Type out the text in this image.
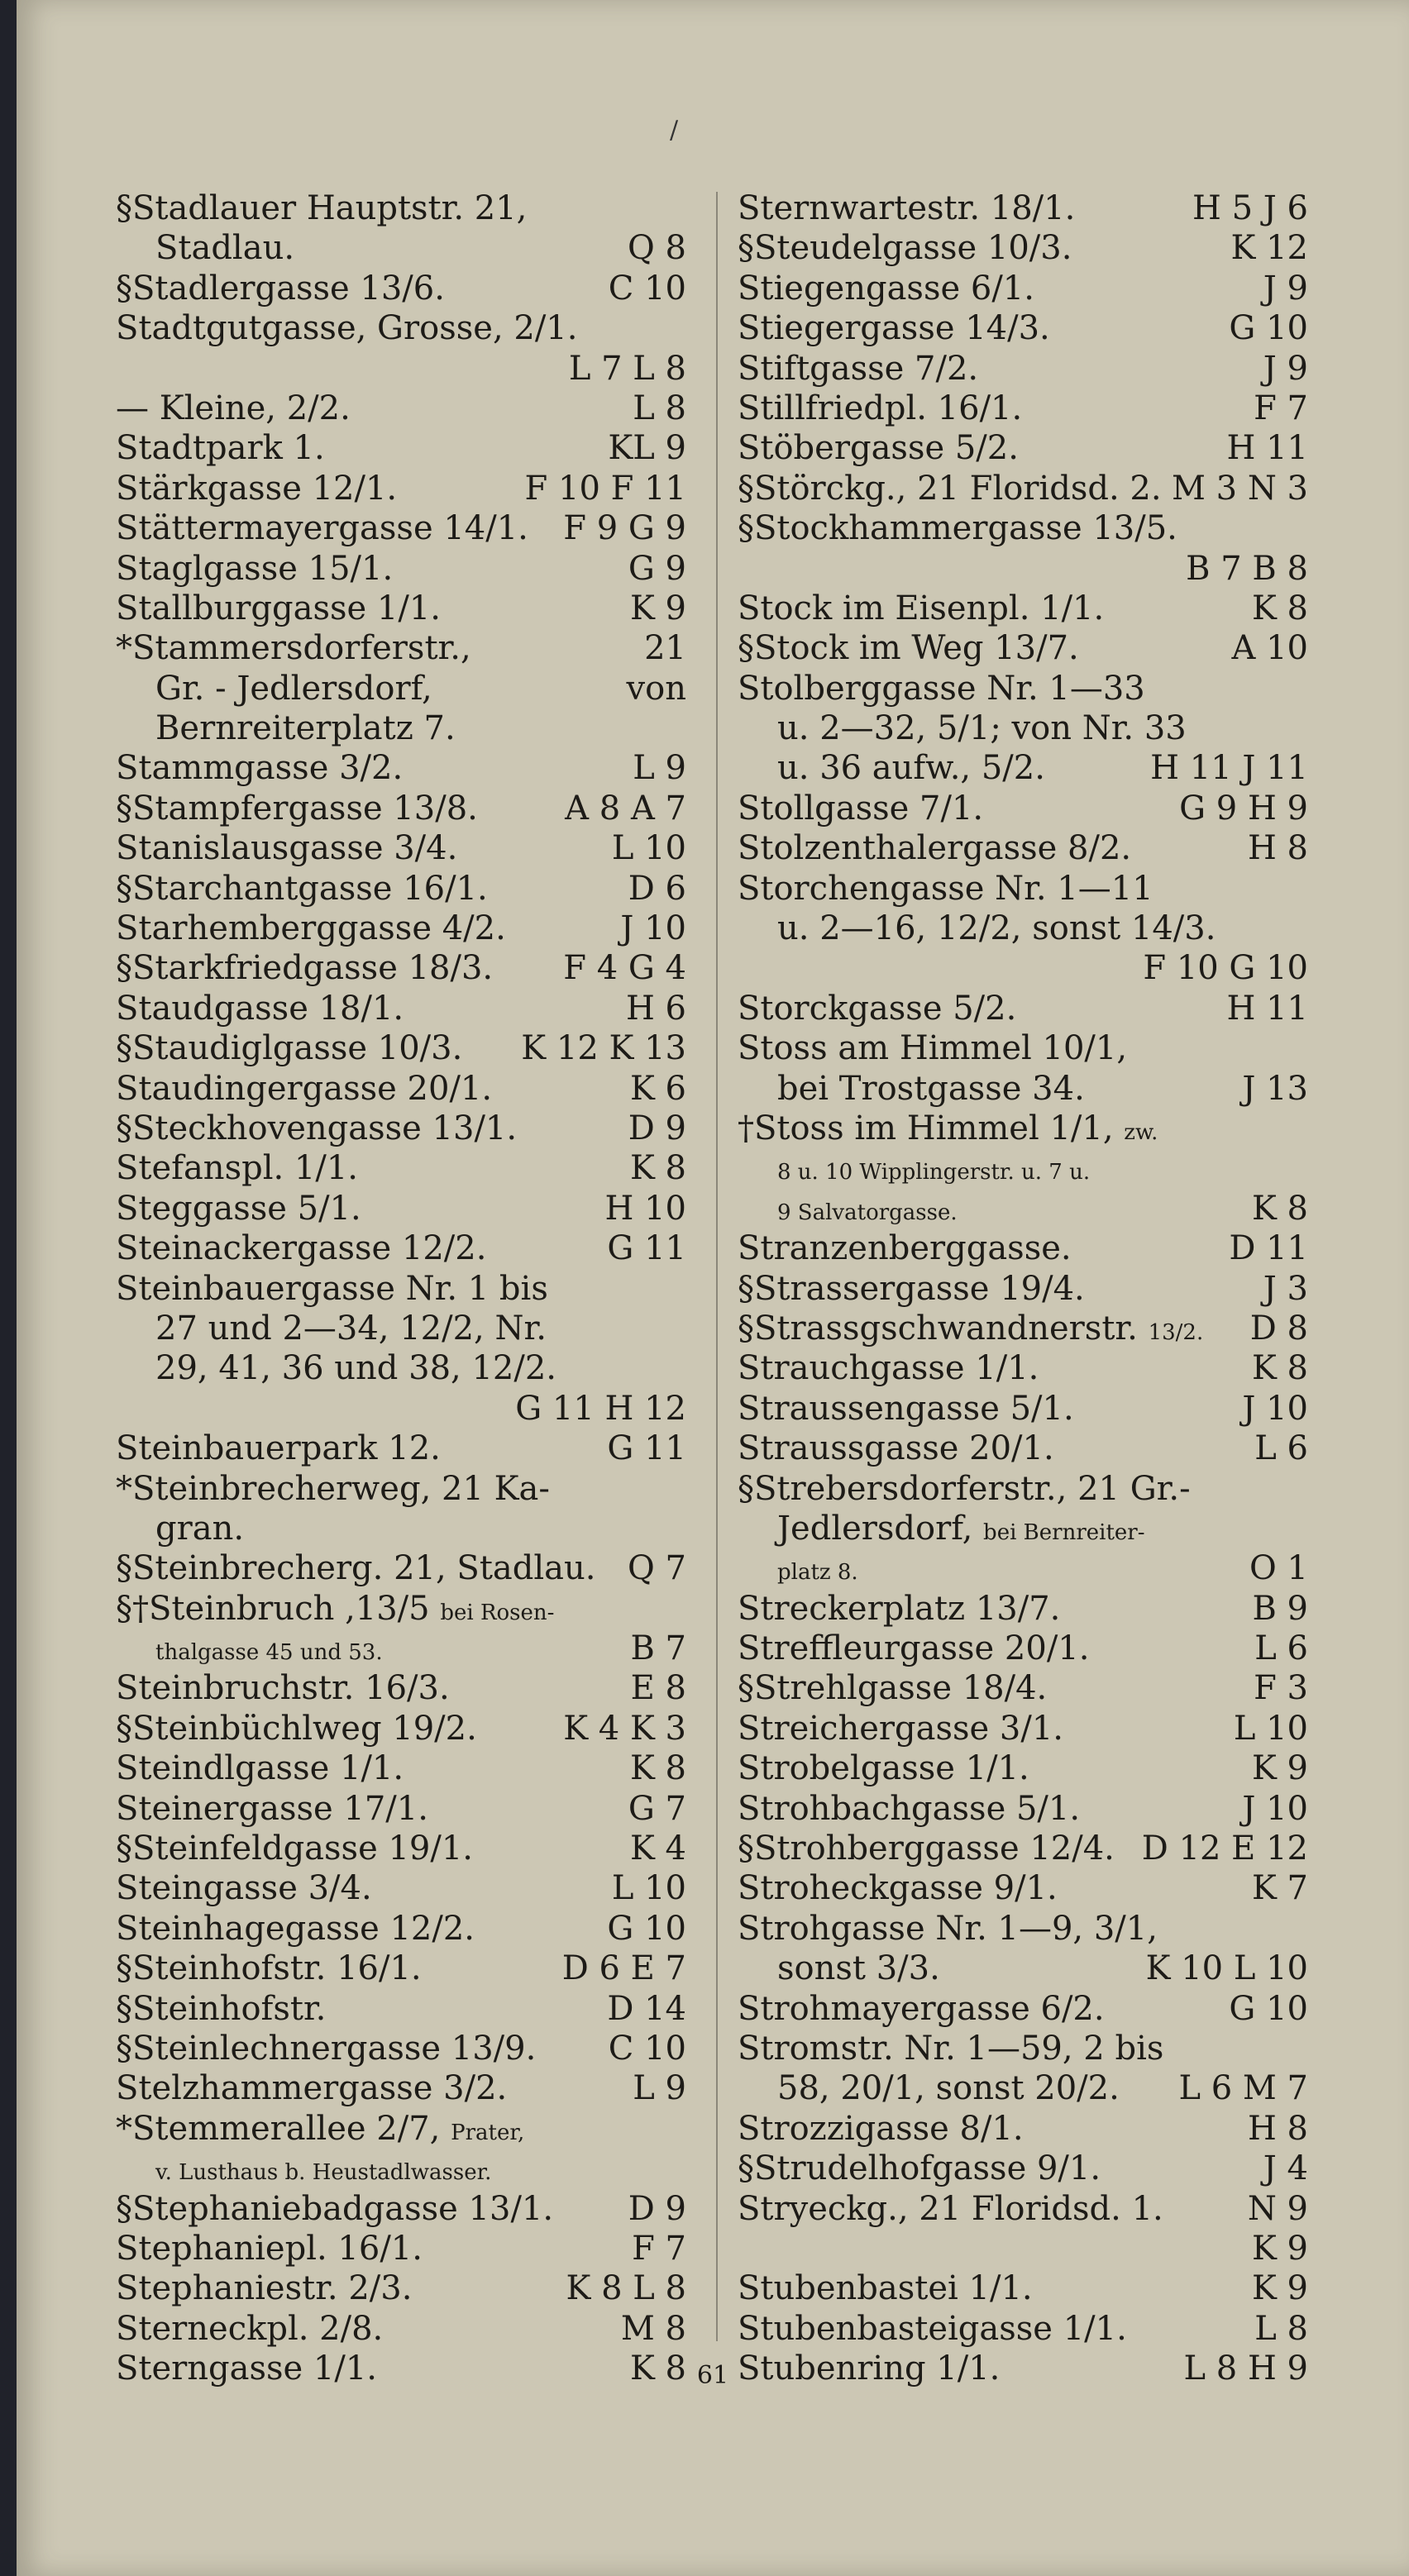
/
§Stadlauer Hauptstr. 21,
Stadlau.	Q 8
§Stadlergasse 13/6.	C 10
Stadtgutgasse, Grosse, 2/1.
L 7 L 8
— Kleine, 2/2.	L 8
Stadtpark 1.	KL 9
Stärkgasse 12/1.	F 10 F 11
Stättermayergasse 14/1. F 9 G 9
Staglgasse 15/1.	G 9
Stallburggasse 1/1.	K 9
*Stammersdorferstr.,	21
Gr. - Jedlersdorf,	von
Bernreiterplatz 7.
Stammgasse 3/2.	L 9
§Stampfergasse 13/8.	A 8 A 7
Stanislausgasse 3/4.	L 10
§Starchantgasse 16/1.	D 6
Starhemberggasse 4/2.	J 10
§Starkfriedgasse 18/3. F 4 G 4
Staudgasse 18/1.	H 6
§Staudiglgasse 10/3. K 12 K 13
Staudingergasse 20/1.	K 6
§Steckhovengasse 13/1.	D 9
Stefanspl. 1/1.	K 8
Steggasse 5/1.	H 10
Steinackergasse 12/2.	G 11
Steinbauergasse Nr. 1 bis
27 und 2—34, 12/2, Nr.
29, 41, 36 und 38, 12/2.
G 11 H 12
Steinbauerpark 12.	G 11
*Steinbrecherweg, 21 Ka-
gran.
§Steinbrecherg. 21, Stadlau. Q 7
§†Steinbruch ,13/5 bei Rosen-
thalgasse 45 und 53.	B 7
Steinbruchstr. 16/3.	E 8
§Steinbüchlweg 19/2.	K 4 K 3
Steindlgasse 1/1.	K 8
Steinergasse 17/1.	G 7
§Steinfeldgasse 19/1.	K 4
Steingasse 3/4.	L 10
Steinhagegasse 12/2.	G 10
§Steinhofstr. 16/1.	D 6 E 7
§Steinhofstr.	D 14
§Steinlechnergasse 13/9. C 10
Stelzhammergasse 3/2.	L 9
*Stemmerallee 2/7, Prater,
v. Lusthaus b. Heustadlwasser.
§Stephaniebadgasse 13/1. D 9
Stephaniepl. 16/1.	F 7
Stephaniestr. 2/3.	K 8 L 8
Sterneckpl. 2/8.	M 8
Sterngasse 1/1.	K 8
Sternwartestr. 18/1.	H 5 J 6
§Steudelgasse 10/3.	K 12
Stiegengasse 6/1.	J 9
Stiegergasse 14/3.	G 10
Stiftgasse 7/2.	J 9
Stillfriedpl. 16/1.	F 7
Stöbergasse 5/2.	H 11
§Störckg., 21 Floridsd. 2. M 3 N 3
§Stockhammergasse 13/5.
B 7 B 8
Stock im Eisenpl. 1/1.	K 8
§Stock im Weg 13/7.	A 10
Stolberggasse Nr. 1—33
u. 2—32, 5/1; von Nr. 33
u. 36 aufw., 5/2.	H 11 J 11
Stollgasse 7/1.	G 9 H 9
Stolzenthalergasse 8/2.	H 8
Storchengasse Nr. 1—11
u. 2—16, 12/2, sonst 14/3.
F 10 G 10
Storckgasse 5/2.	H 11
Stoss am Himmel 10/1,
bei Trostgasse 34.	J 13
†Stoss im Himmel 1/1, zw.
8 u. 10 Wipplingerstr. u. 7 u.
9 Salvatorgasse.	K 8
Stranzenberggasse.	D 11
§Strassergasse 19/4.	J 3
§Strassgschwandnerstr. 13/2. D 8
Strauchgasse 1/1.	K 8
Straussengasse 5/1.	J 10
Straussgasse 20/1.	L 6
§Strebersdorferstr., 21 Gr.-
Jedlersdorf, bei Bernreiter-
platz 8.	O 1
Streckerplatz 13/7.	B 9
Streffleurgasse 20/1.	L 6
§Strehlgasse 18/4.	F 3
Streichergasse 3/1.	L 10
Strobelgasse 1/1.	K 9
Strohbachgasse 5/1.	J 10
§Strohberggasse 12/4. D 12 E 12
Stroheckgasse 9/1.	K 7
Strohgasse Nr. 1—9, 3/1,
sonst 3/3.	K 10 L 10
Strohmayergasse 6/2.	G 10
Stromstr. Nr. 1—59, 2 bis
58, 20/1, sonst 20/2. L 6 M 7
Strozzigasse 8/1.	H 8
§Strudelhofgasse 9/1.	J 4
Stryeckg., 21 Floridsd. 1.	N 9
K 9
Stubenbastei 1/1.	K 9
Stubenbasteigasse 1/1.	L 8
Stubenring 1/1.	L 8 H 9
61
